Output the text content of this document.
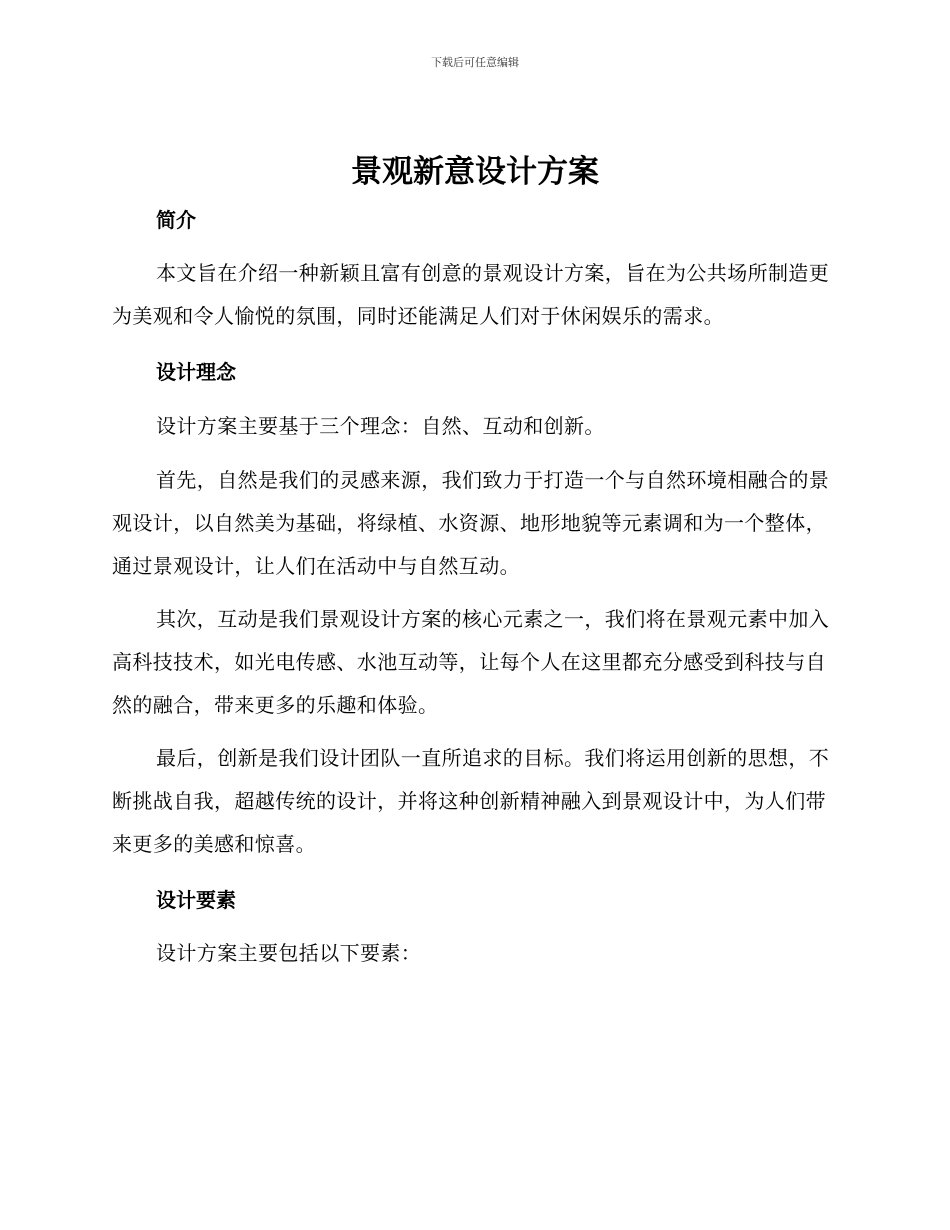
下载后可任意编辑
景观新意设计方案
简介

本文旨在介绍一种新颖且富有创意的景观设计方案，旨在为公共场所制造更为美观和令人愉悦的氛围，同时还能满足人们对于休闲娱乐的需求。

设计理念

设计方案主要基于三个理念：自然、互动和创新。

首先，自然是我们的灵感来源，我们致力于打造一个与自然环境相融合的景观设计，以自然美为基础，将绿植、水资源、地形地貌等元素调和为一个整体，通过景观设计，让人们在活动中与自然互动。

其次，互动是我们景观设计方案的核心元素之一，我们将在景观元素中加入高科技技术，如光电传感、水池互动等，让每个人在这里都充分感受到科技与自然的融合，带来更多的乐趣和体验。

最后，创新是我们设计团队一直所追求的目标。我们将运用创新的思想，不断挑战自我，超越传统的设计，并将这种创新精神融入到景观设计中，为人们带来更多的美感和惊喜。

设计要素

设计方案主要包括以下要素：
